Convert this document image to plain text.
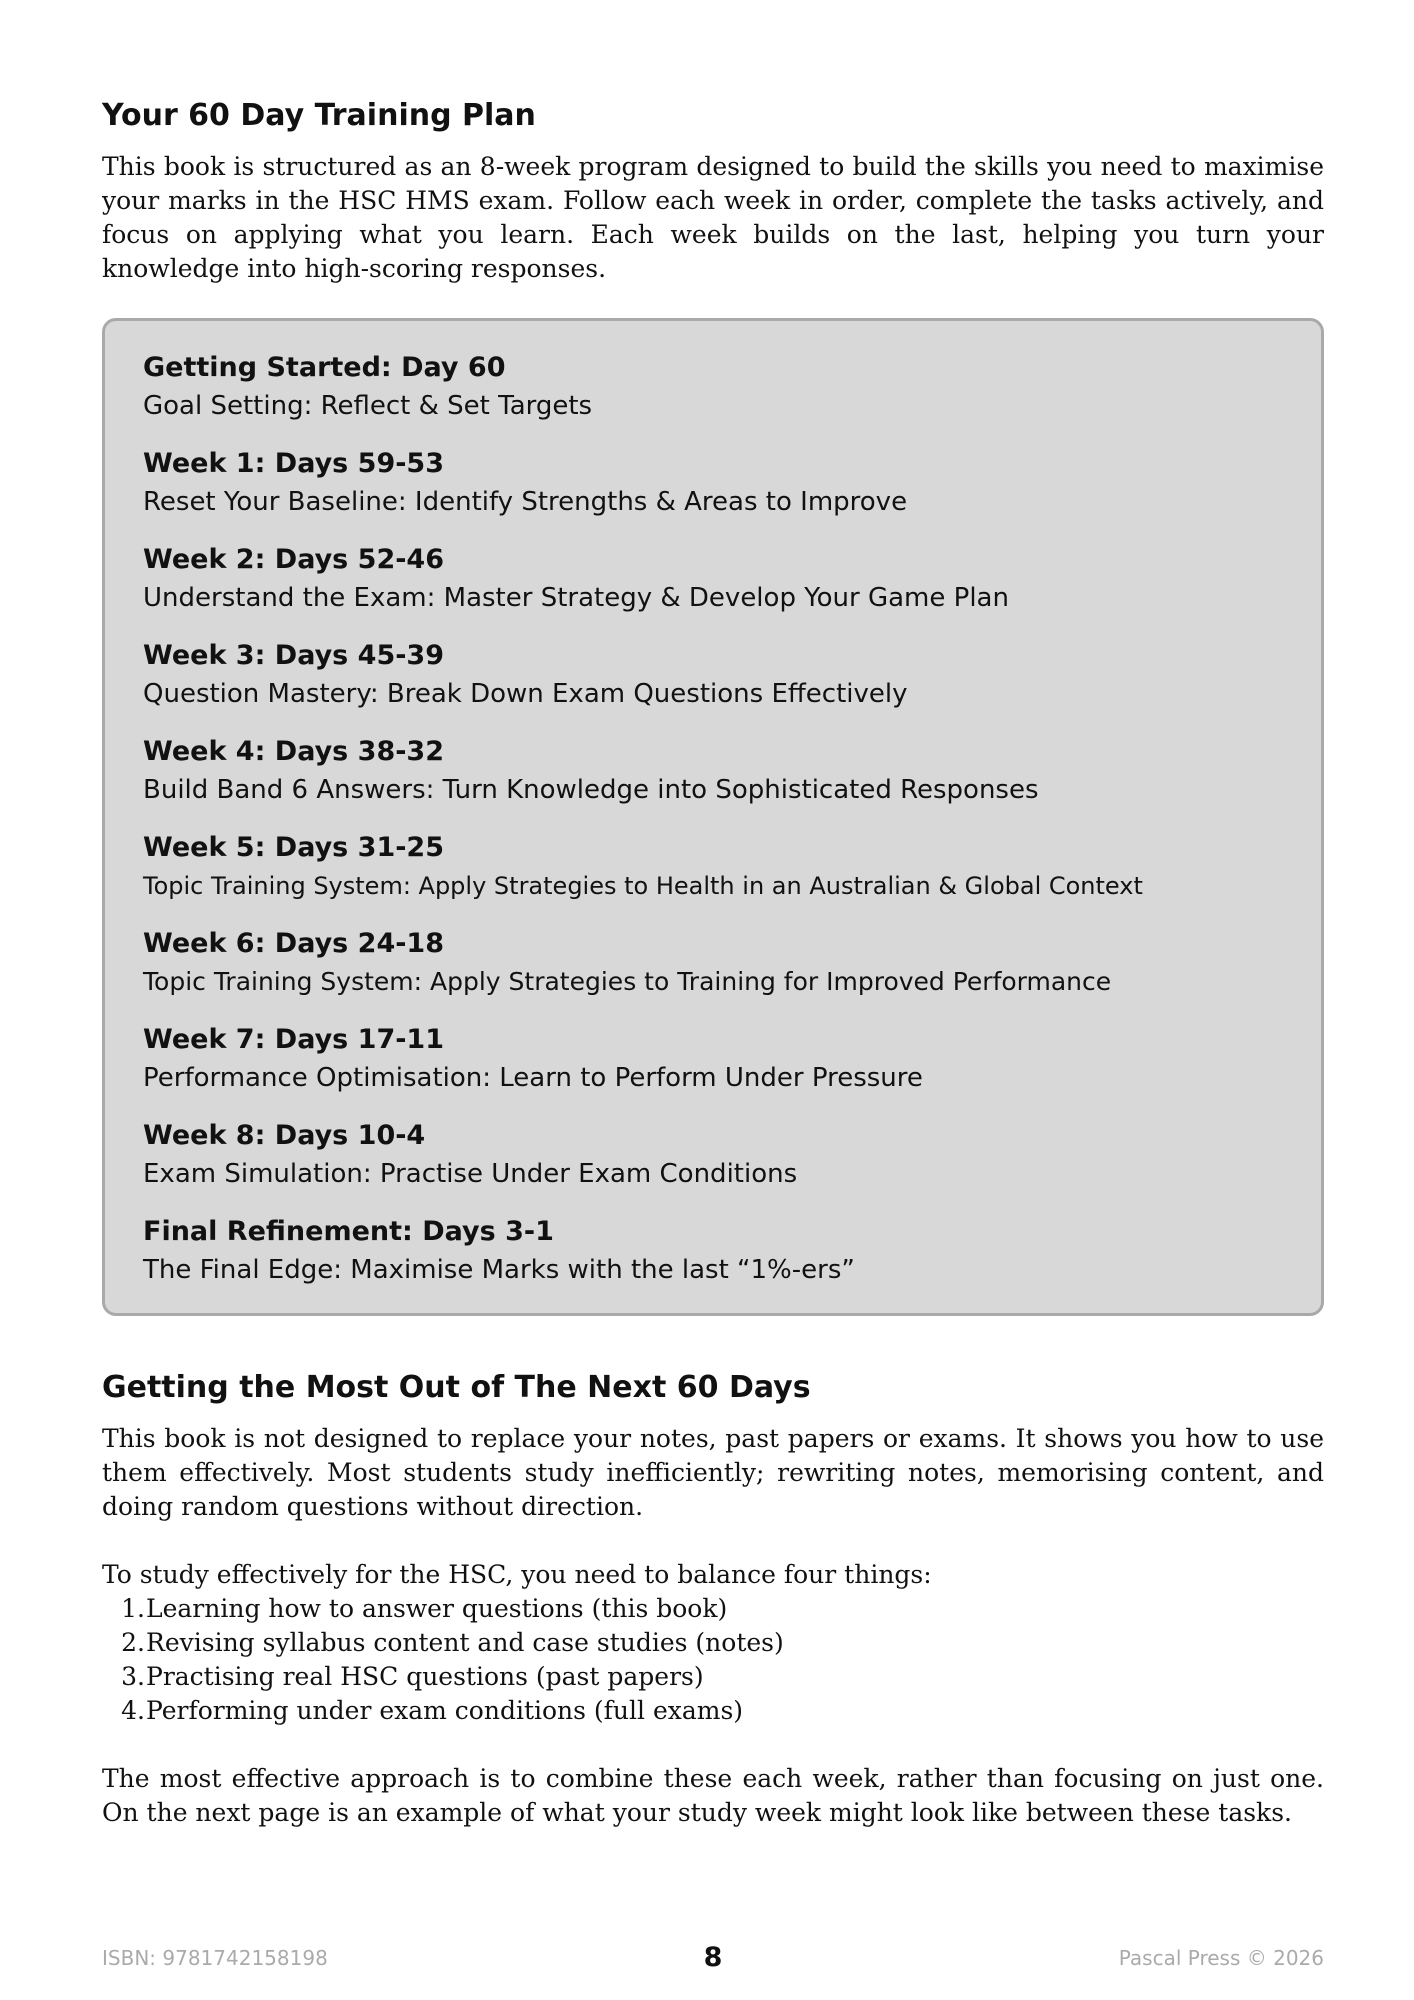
Your 60 Day Training Plan

This book is structured as an 8-week program designed to build the skills you need to maximise your marks in the HSC HMS exam. Follow each week in order, complete the tasks actively, and focus on applying what you learn. Each week builds on the last, helping you turn your knowledge into high-scoring responses.

Getting Started: Day 60
Goal Setting: Reflect & Set Targets
Week 1: Days 59-53
Reset Your Baseline: Identify Strengths & Areas to Improve
Week 2: Days 52-46
Understand the Exam: Master Strategy & Develop Your Game Plan
Week 3: Days 45-39
Question Mastery: Break Down Exam Questions Effectively
Week 4: Days 38-32
Build Band 6 Answers: Turn Knowledge into Sophisticated Responses
Week 5: Days 31-25
Topic Training System: Apply Strategies to Health in an Australian & Global Context
Week 6: Days 24-18
Topic Training System: Apply Strategies to Training for Improved Performance
Week 7: Days 17-11
Performance Optimisation: Learn to Perform Under Pressure
Week 8: Days 10-4
Exam Simulation: Practise Under Exam Conditions
Final Refinement: Days 3-1
The Final Edge: Maximise Marks with the last “1%-ers”
Getting the Most Out of The Next 60 Days

This book is not designed to replace your notes, past papers or exams. It shows you how to use them effectively. Most students study inefficiently; rewriting notes, memorising content, and doing random questions without direction.

To study effectively for the HSC, you need to balance four things:

1. Learning how to answer questions (this book)
2. Revising syllabus content and case studies (notes)
3. Practising real HSC questions (past papers)
4. Performing under exam conditions (full exams)

The most effective approach is to combine these each week, rather than focusing on just one. On the next page is an example of what your study week might look like between these tasks.

ISBN: 9781742158198	8	Pascal Press © 2026
